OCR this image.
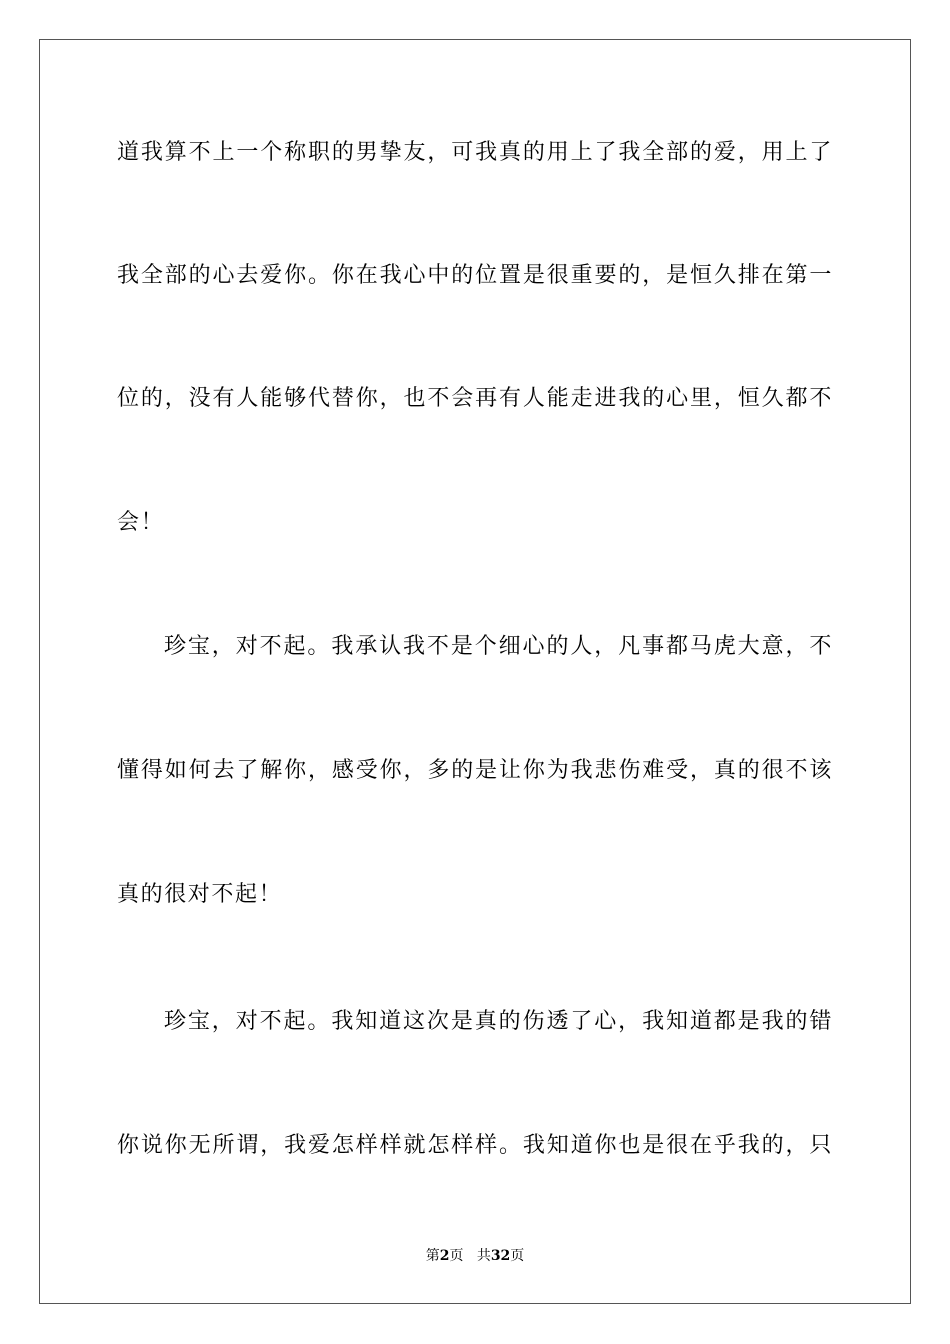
道我算不上一个称职的男挚友，可我真的用上了我全部的爱，用上了
我全部的心去爱你。你在我心中的位置是很重要的，是恒久排在第一
位的，没有人能够代替你，也不会再有人能走进我的心里，恒久都不
会！
珍宝，对不起。我承认我不是个细心的人，凡事都马虎大意，不
懂得如何去了解你，感受你，多的是让你为我悲伤难受，真的很不该
真的很对不起！
珍宝，对不起。我知道这次是真的伤透了心，我知道都是我的错
你说你无所谓，我爱怎样样就怎样样。我知道你也是很在乎我的，只
第2页 共32页
